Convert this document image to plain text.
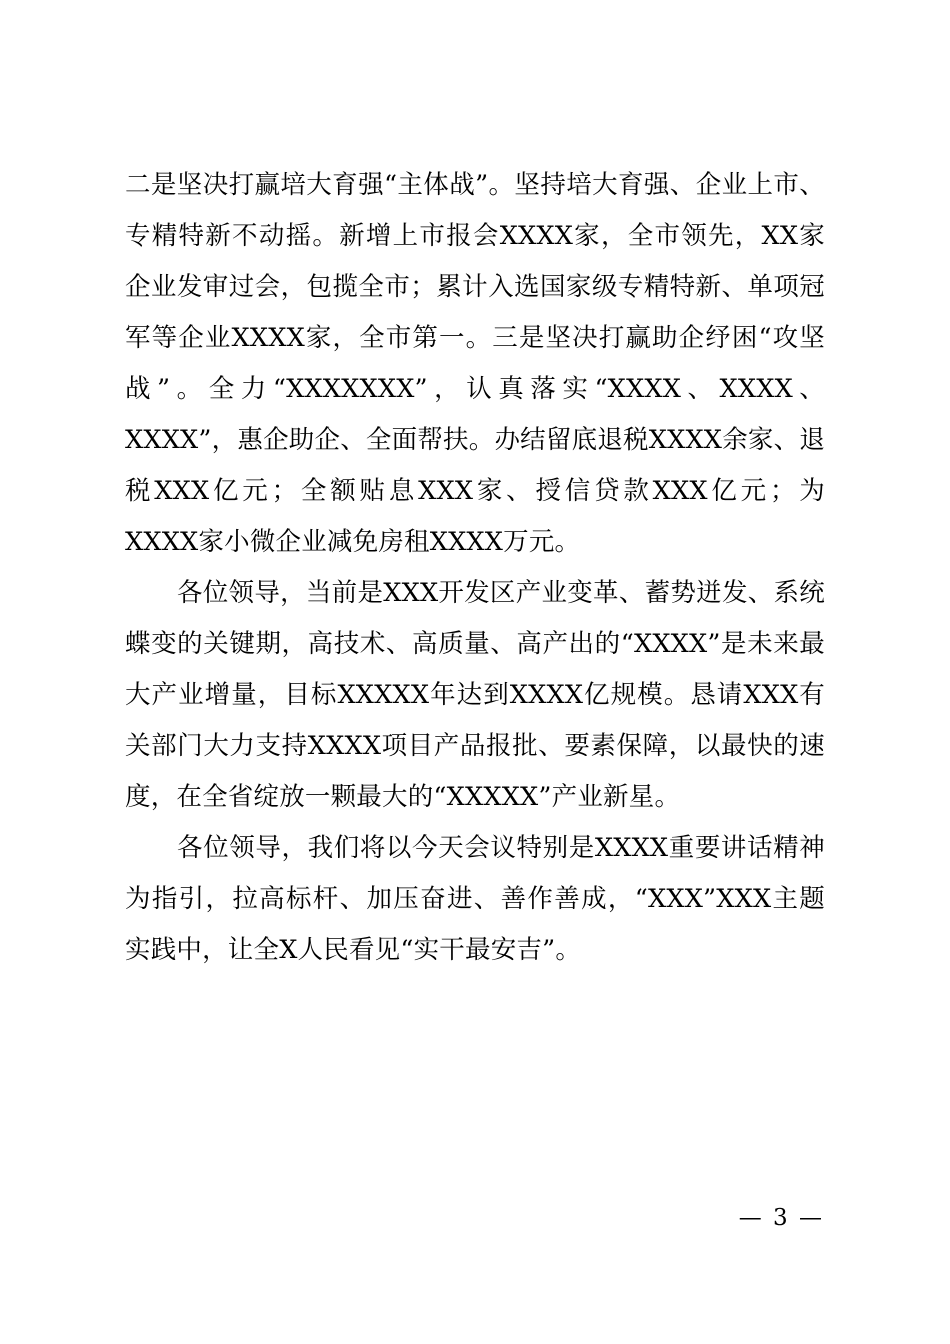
二是坚决打赢培大育强“主体战”。坚持培大育强、企业上市、专精特新不动摇。新增上市报会XXXX家，全市领先，XX家企业发审过会，包揽全市；累计入选国家级专精特新、单项冠军等企业XXXX家，全市第一。三是坚决打赢助企纾困“攻坚战”。全力“XXXXXXX”，认真落实“XXXX、XXXX、XXXX”，惠企助企、全面帮扶。办结留底退税XXXX余家、退税XXX亿元；全额贴息XXX家、授信贷款XXX亿元；为XXXX家小微企业减免房租XXXX万元。

各位领导，当前是XXX开发区产业变革、蓄势迸发、系统蝶变的关键期，高技术、高质量、高产出的“XXXX”是未来最大产业增量，目标XXXXX年达到XXXX亿规模。恳请XXX有关部门大力支持XXXX项目产品报批、要素保障，以最快的速度，在全省绽放一颗最大的“XXXXX”产业新星。

各位领导，我们将以今天会议特别是XXXX重要讲话精神为指引，拉高标杆、加压奋进、善作善成，“XXX”XXX主题实践中，让全X人民看见“实干最安吉”。

— 3 —
